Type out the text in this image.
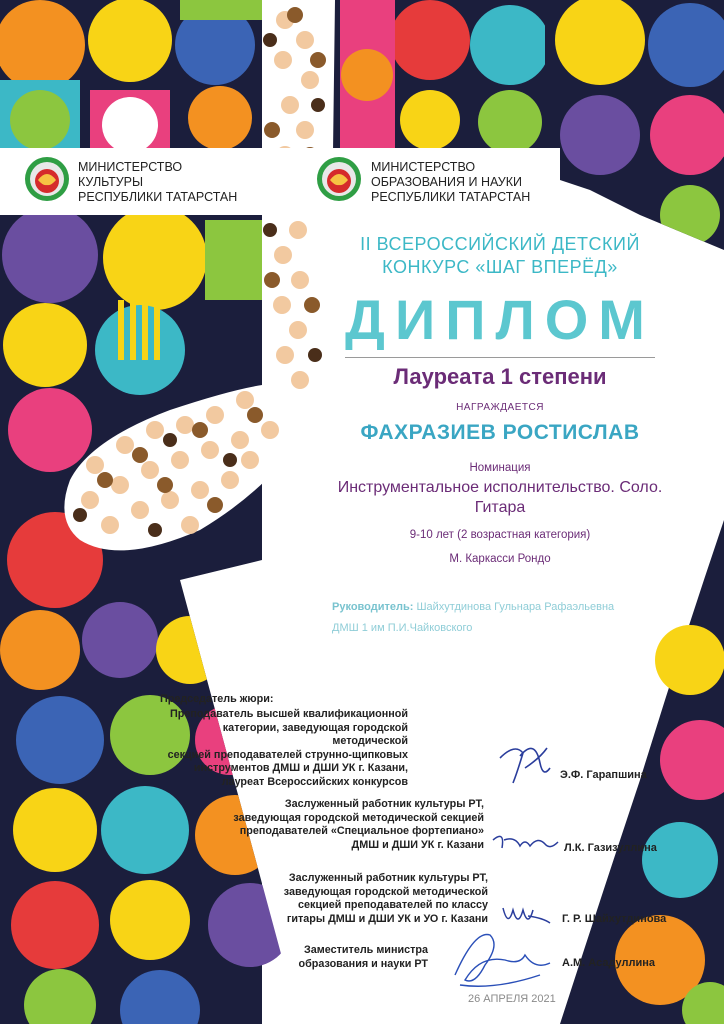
МИНИСТЕРСТВО
КУЛЬТУРЫ
РЕСПУБЛИКИ ТАТАРСТАН
МИНИСТЕРСТВО
ОБРАЗОВАНИЯ И НАУКИ
РЕСПУБЛИКИ ТАТАРСТАН
II ВСЕРОССИЙСКИЙ ДЕТСКИЙ
КОНКУРС «ШАГ ВПЕРЁД»
ДИПЛОМ
Лауреата 1 степени
НАГРАЖДАЕТСЯ
ФАХРАЗИЕВ РОСТИСЛАВ
Номинация
Инструментальное исполнительство. Соло.
Гитара
9-10 лет (2 возрастная категория)
М. Каркасси Рондо
Руководитель: Шайхутдинова Гульнара Рафаэльевна
ДМШ 1 им П.И.Чайковского
Председатель жюри:
Преподаватель высшей квалификационной
категории, заведующая городской методической
секцией преподавателей струнно-щипковых
инструментов ДМШ и ДШИ УК г. Казани,
лауреат Всероссийских конкурсов
Э.Ф. Гарапшина
Заслуженный работник культуры РТ,
заведующая городской методической секцией
преподавателей «Специальное фортепиано»
ДМШ и ДШИ УК г. Казани	Л.К. Газизуллина
Заслуженный работник культуры РТ,
заведующая городской методической
секцией преподавателей по классу
гитары ДМШ и ДШИ УК и УО г. Казани	Г. Р. Шайхутдинова
Заместитель министра
образования и науки РТ	А.М. Асадуллина
26 АПРЕЛЯ 2021
